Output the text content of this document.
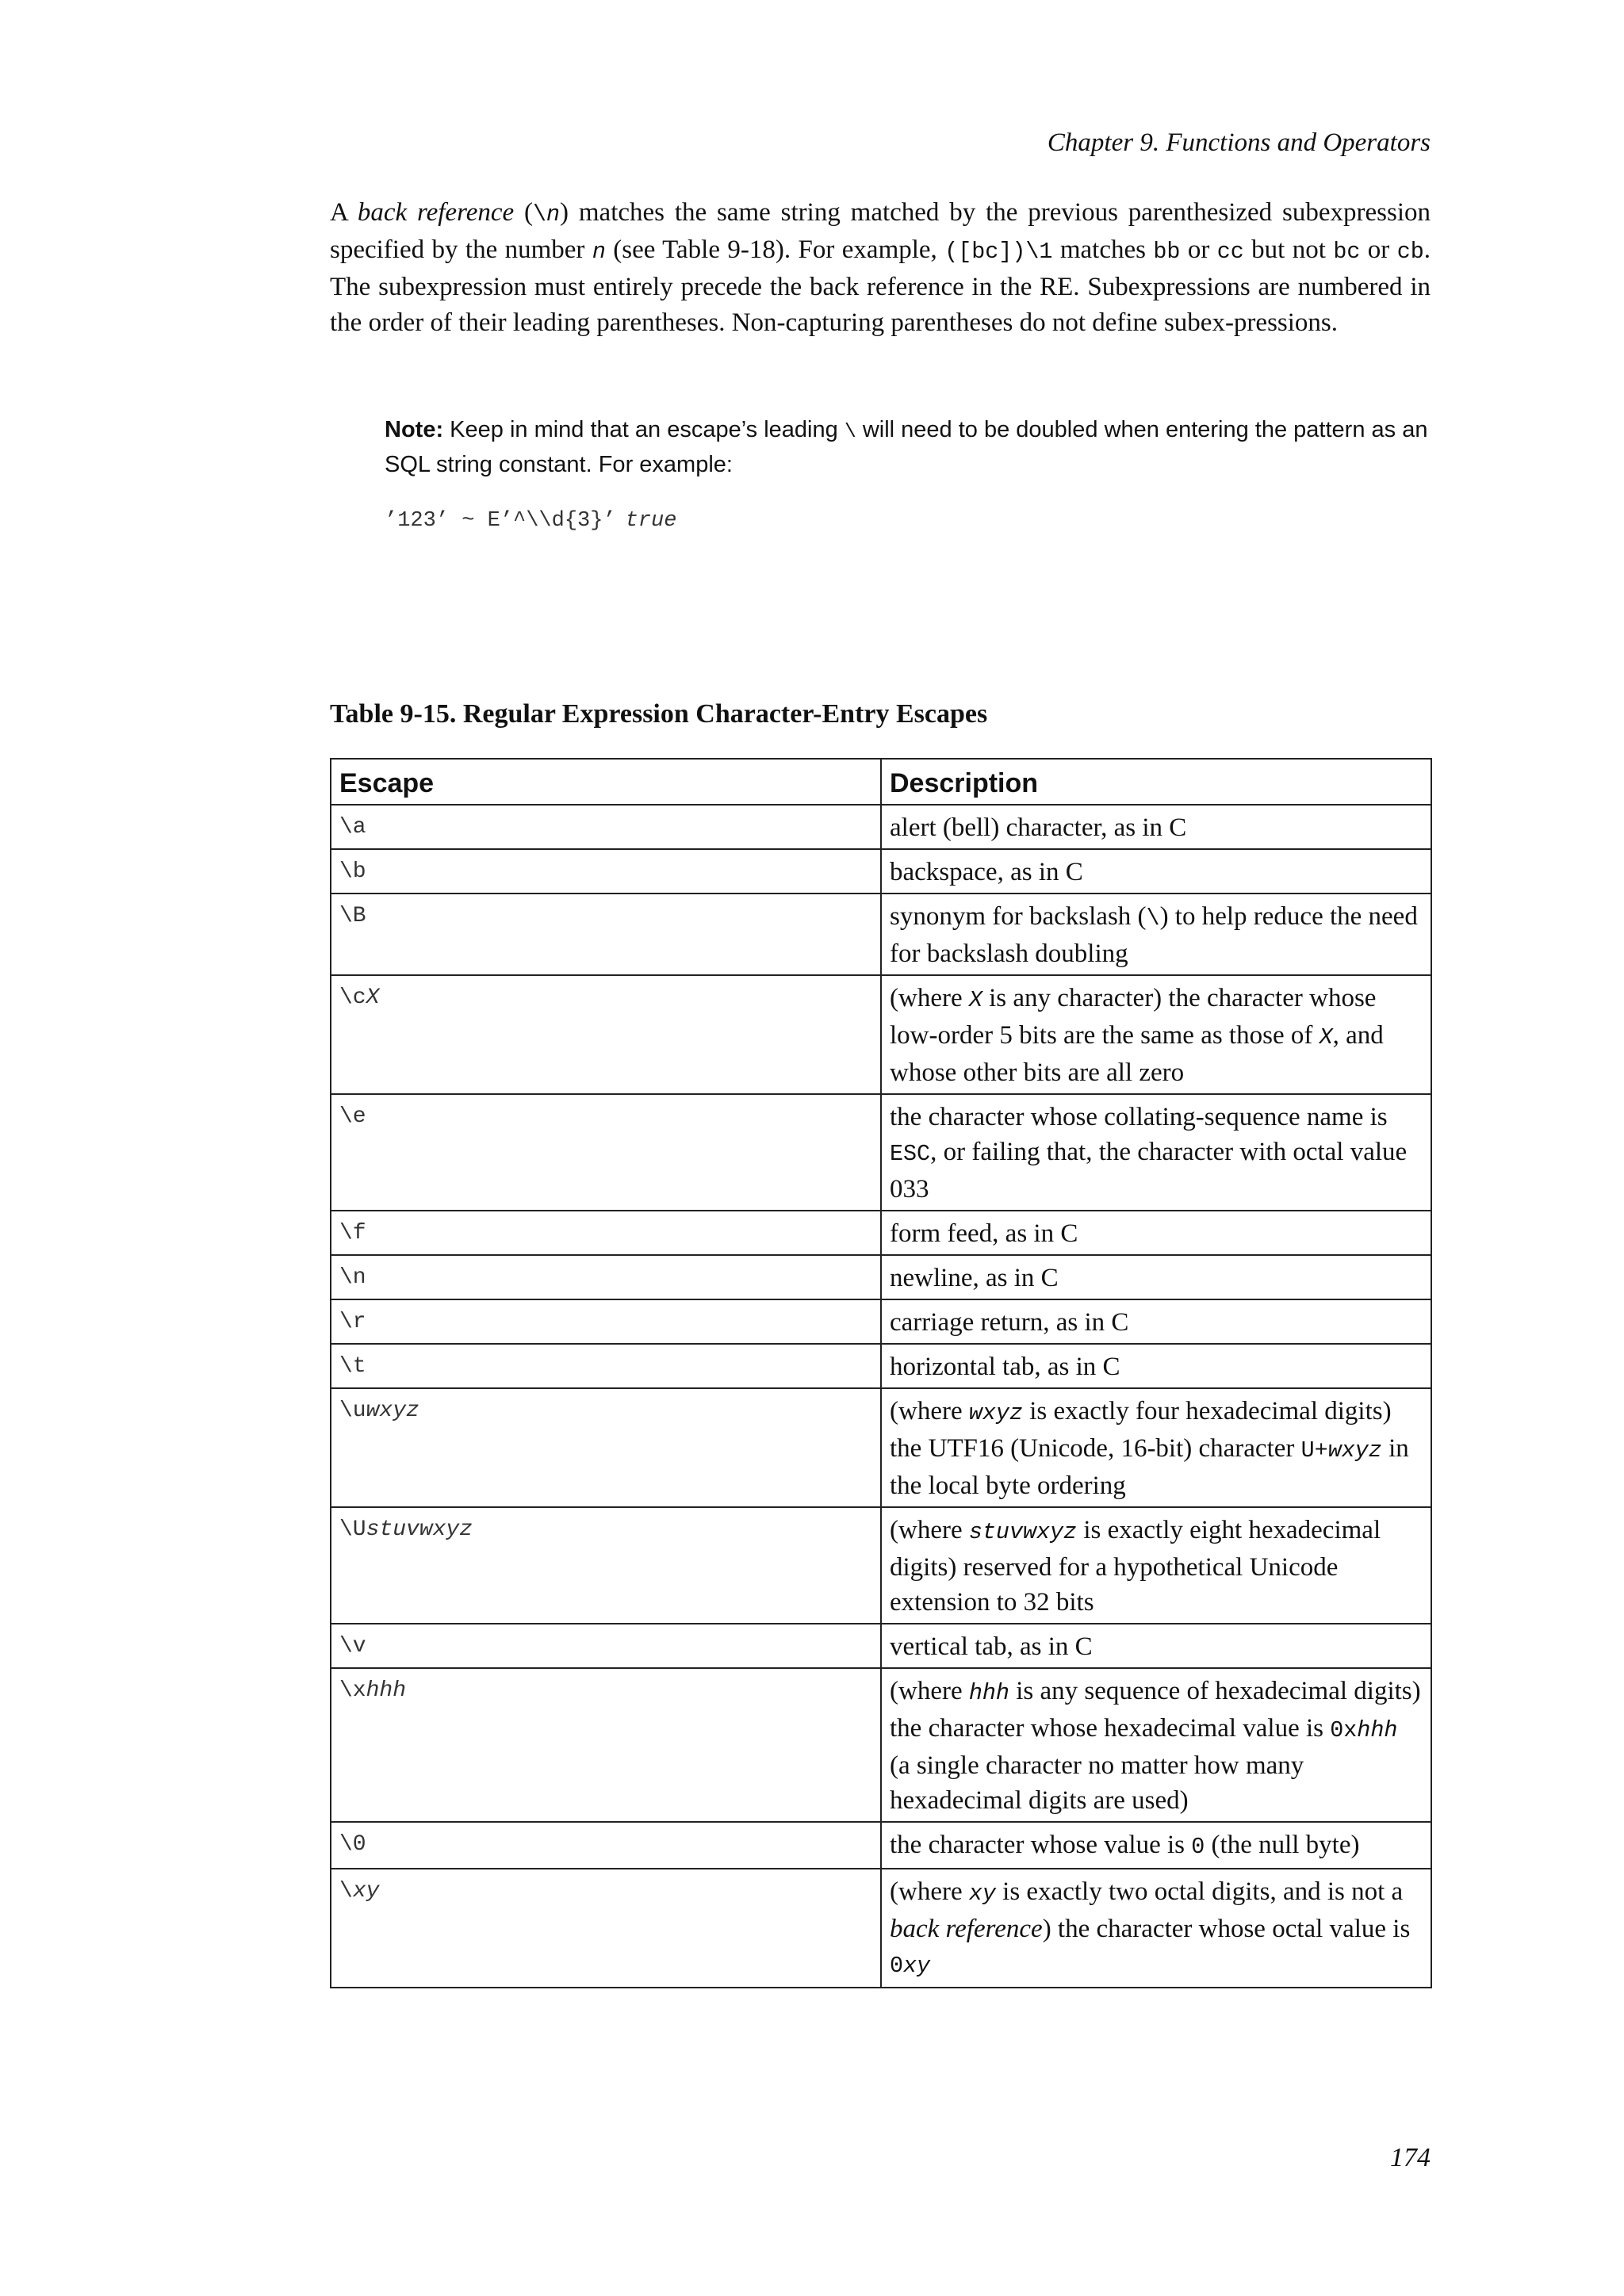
Chapter 9. Functions and Operators

A back reference (\n) matches the same string matched by the previous parenthesized subexpression specified by the number n (see Table 9-18). For example, ([bc])\1 matches bb or cc but not bc or cb. The subexpression must entirely precede the back reference in the RE. Subexpressions are numbered in the order of their leading parentheses. Non-capturing parentheses do not define subex-pressions.

Note: Keep in mind that an escape’s leading \ will need to be doubled when entering the pattern as an SQL string constant. For example:

’123’ ~ E’^\\d{3}’ true

Table 9-15. Regular Expression Character-Entry Escapes

Escape	Description
\a	alert (bell) character, as in C
\b	backspace, as in C
\B	synonym for backslash (\) to help reduce the need for backslash doubling
\cX	(where X is any character) the character whose low-order 5 bits are the same as those of X, and whose other bits are all zero
\e	the character whose collating-sequence name is ESC, or failing that, the character with octal value 033
\f	form feed, as in C
\n	newline, as in C
\r	carriage return, as in C
\t	horizontal tab, as in C
\uwxyz	(where wxyz is exactly four hexadecimal digits) the UTF16 (Unicode, 16-bit) character U+wxyz in the local byte ordering
\Ustuvwxyz	(where stuvwxyz is exactly eight hexadecimal digits) reserved for a hypothetical Unicode extension to 32 bits
\v	vertical tab, as in C
\xhhh	(where hhh is any sequence of hexadecimal digits) the character whose hexadecimal value is 0xhhh (a single character no matter how many hexadecimal digits are used)
\0	the character whose value is 0 (the null byte)
\xy	(where xy is exactly two octal digits, and is not a back reference) the character whose octal value is 0xy
174
